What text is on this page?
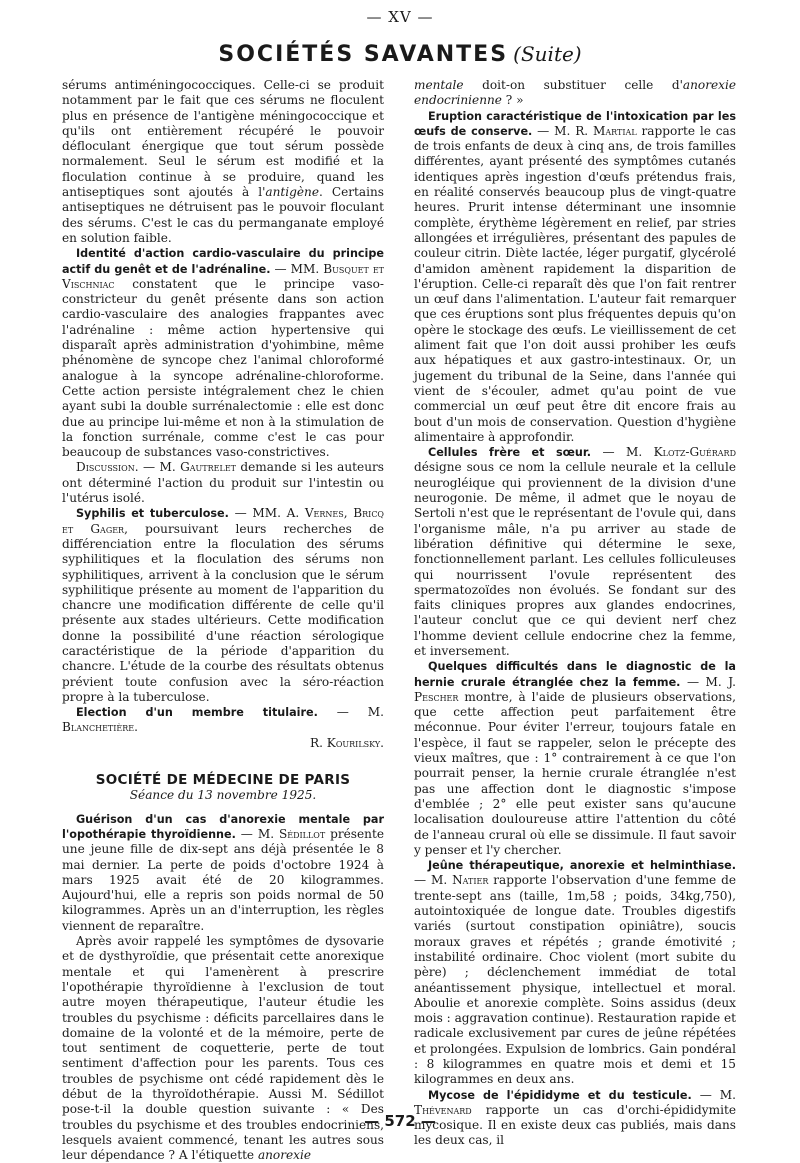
— XV —
SOCIÉTÉS SAVANTES (Suite)

sérums antiméningococciques. Celle-ci se produit notamment par le fait que ces sérums ne floculent plus en présence de l'antigène méningococcique et qu'ils ont entièrement récupéré le pouvoir défloculant énergique que tout sérum possède normalement. Seul le sérum est modifié et la floculation continue à se produire, quand les antiseptiques sont ajoutés à l'antigène. Certains antiseptiques ne détruisent pas le pouvoir floculant des sérums. C'est le cas du permanganate employé en solution faible.

Identité d'action cardio-vasculaire du principe actif du genêt et de l'adrénaline. — MM. Busquet et Vischniac constatent que le principe vaso-constricteur du genêt présente dans son action cardio-vasculaire des analogies frappantes avec l'adrénaline : même action hypertensive qui disparaît après administration d'yohimbine, même phénomène de syncope chez l'animal chloroformé analogue à la syncope adrénaline-chloroforme. Cette action persiste intégralement chez le chien ayant subi la double surrénalectomie : elle est donc due au principe lui-même et non à la stimulation de la fonction surrénale, comme c'est le cas pour beaucoup de substances vaso-constrictives.

Discussion. — M. Gautrelet demande si les auteurs ont déterminé l'action du produit sur l'intestin ou l'utérus isolé.

Syphilis et tuberculose. — MM. A. Vernes, Bricq et Gager, poursuivant leurs recherches de différenciation entre la floculation des sérums syphilitiques et la floculation des sérums non syphilitiques, arrivent à la conclusion que le sérum syphilitique présente au moment de l'apparition du chancre une modification différente de celle qu'il présente aux stades ultérieurs. Cette modification donne la possibilité d'une réaction sérologique caractéristique de la période d'apparition du chancre. L'étude de la courbe des résultats obtenus prévient toute confusion avec la séro-réaction propre à la tuberculose.

Election d'un membre titulaire. — M. Blanchetière.

R. Kourilsky.

SOCIÉTÉ DE MÉDECINE DE PARIS

Séance du 13 novembre 1925.

Guérison d'un cas d'anorexie mentale par l'opothérapie thyroïdienne. — M. Sédillot présente une jeune fille de dix-sept ans déjà présentée le 8 mai dernier. La perte de poids d'octobre 1924 à mars 1925 avait été de 20 kilogrammes. Aujourd'hui, elle a repris son poids normal de 50 kilogrammes. Après un an d'interruption, les règles viennent de reparaître.

Après avoir rappelé les symptômes de dysovarie et de dysthyroïdie, que présentait cette anorexique mentale et qui l'amenèrent à prescrire l'opothérapie thyroïdienne à l'exclusion de tout autre moyen thérapeutique, l'auteur étudie les troubles du psychisme : déficits parcellaires dans le domaine de la volonté et de la mémoire, perte de tout sentiment de coquetterie, perte de tout sentiment d'affection pour les parents. Tous ces troubles de psychisme ont cédé rapidement dès le début de la thyroïdothérapie. Aussi M. Sédillot pose-t-il la double question suivante : « Des troubles du psychisme et des troubles endocriniens, lesquels avaient commencé, tenant les autres sous leur dépendance ? A l'étiquette anorexie

mentale doit-on substituer celle d'anorexie endocrinienne ? »

Eruption caractéristique de l'intoxication par les œufs de conserve. — M. R. Martial rapporte le cas de trois enfants de deux à cinq ans, de trois familles différentes, ayant présenté des symptômes cutanés identiques après ingestion d'œufs prétendus frais, en réalité conservés beaucoup plus de vingt-quatre heures. Prurit intense déterminant une insomnie complète, érythème légèrement en relief, par stries allongées et irrégulières, présentant des papules de couleur citrin. Diète lactée, léger purgatif, glycérolé d'amidon amènent rapidement la disparition de l'éruption. Celle-ci reparaît dès que l'on fait rentrer un œuf dans l'alimentation. L'auteur fait remarquer que ces éruptions sont plus fréquentes depuis qu'on opère le stockage des œufs. Le vieillissement de cet aliment fait que l'on doit aussi prohiber les œufs aux hépatiques et aux gastro-intestinaux. Or, un jugement du tribunal de la Seine, dans l'année qui vient de s'écouler, admet qu'au point de vue commercial un œuf peut être dit encore frais au bout d'un mois de conservation. Question d'hygiène alimentaire à approfondir.

Cellules frère et sœur. — M. Klotz-Guérard désigne sous ce nom la cellule neurale et la cellule neurogléique qui proviennent de la division d'une neurogonie. De même, il admet que le noyau de Sertoli n'est que le représentant de l'ovule qui, dans l'organisme mâle, n'a pu arriver au stade de libération définitive qui détermine le sexe, fonctionnellement parlant. Les cellules folliculeuses qui nourrissent l'ovule représentent des spermatozoïdes non évolués. Se fondant sur des faits cliniques propres aux glandes endocrines, l'auteur conclut que ce qui devient nerf chez l'homme devient cellule endocrine chez la femme, et inversement.

Quelques difficultés dans le diagnostic de la hernie crurale étranglée chez la femme. — M. J. Pescher montre, à l'aide de plusieurs observations, que cette affection peut parfaitement être méconnue. Pour éviter l'erreur, toujours fatale en l'espèce, il faut se rappeler, selon le précepte des vieux maîtres, que : 1° contrairement à ce que l'on pourrait penser, la hernie crurale étranglée n'est pas une affection dont le diagnostic s'impose d'emblée ; 2° elle peut exister sans qu'aucune localisation douloureuse attire l'attention du côté de l'anneau crural où elle se dissimule. Il faut savoir y penser et l'y chercher.

Jeûne thérapeutique, anorexie et helminthiase. — M. Natier rapporte l'observation d'une femme de trente-sept ans (taille, 1m,58 ; poids, 34kg,750), autointoxiquée de longue date. Troubles digestifs variés (surtout constipation opiniâtre), soucis moraux graves et répétés ; grande émotivité ; instabilité ordinaire. Choc violent (mort subite du père) ; déclenchement immédiat de total anéantissement physique, intellectuel et moral. Aboulie et anorexie complète. Soins assidus (deux mois : aggravation continue). Restauration rapide et radicale exclusivement par cures de jeûne répétées et prolongées. Expulsion de lombrics. Gain pondéral : 8 kilogrammes en quatre mois et demi et 15 kilogrammes en deux ans.

Mycose de l'épididyme et du testicule. — M. Thévenard rapporte un cas d'orchi-épididymite mycosique. Il en existe deux cas publiés, mais dans les deux cas, il

— 572 —
